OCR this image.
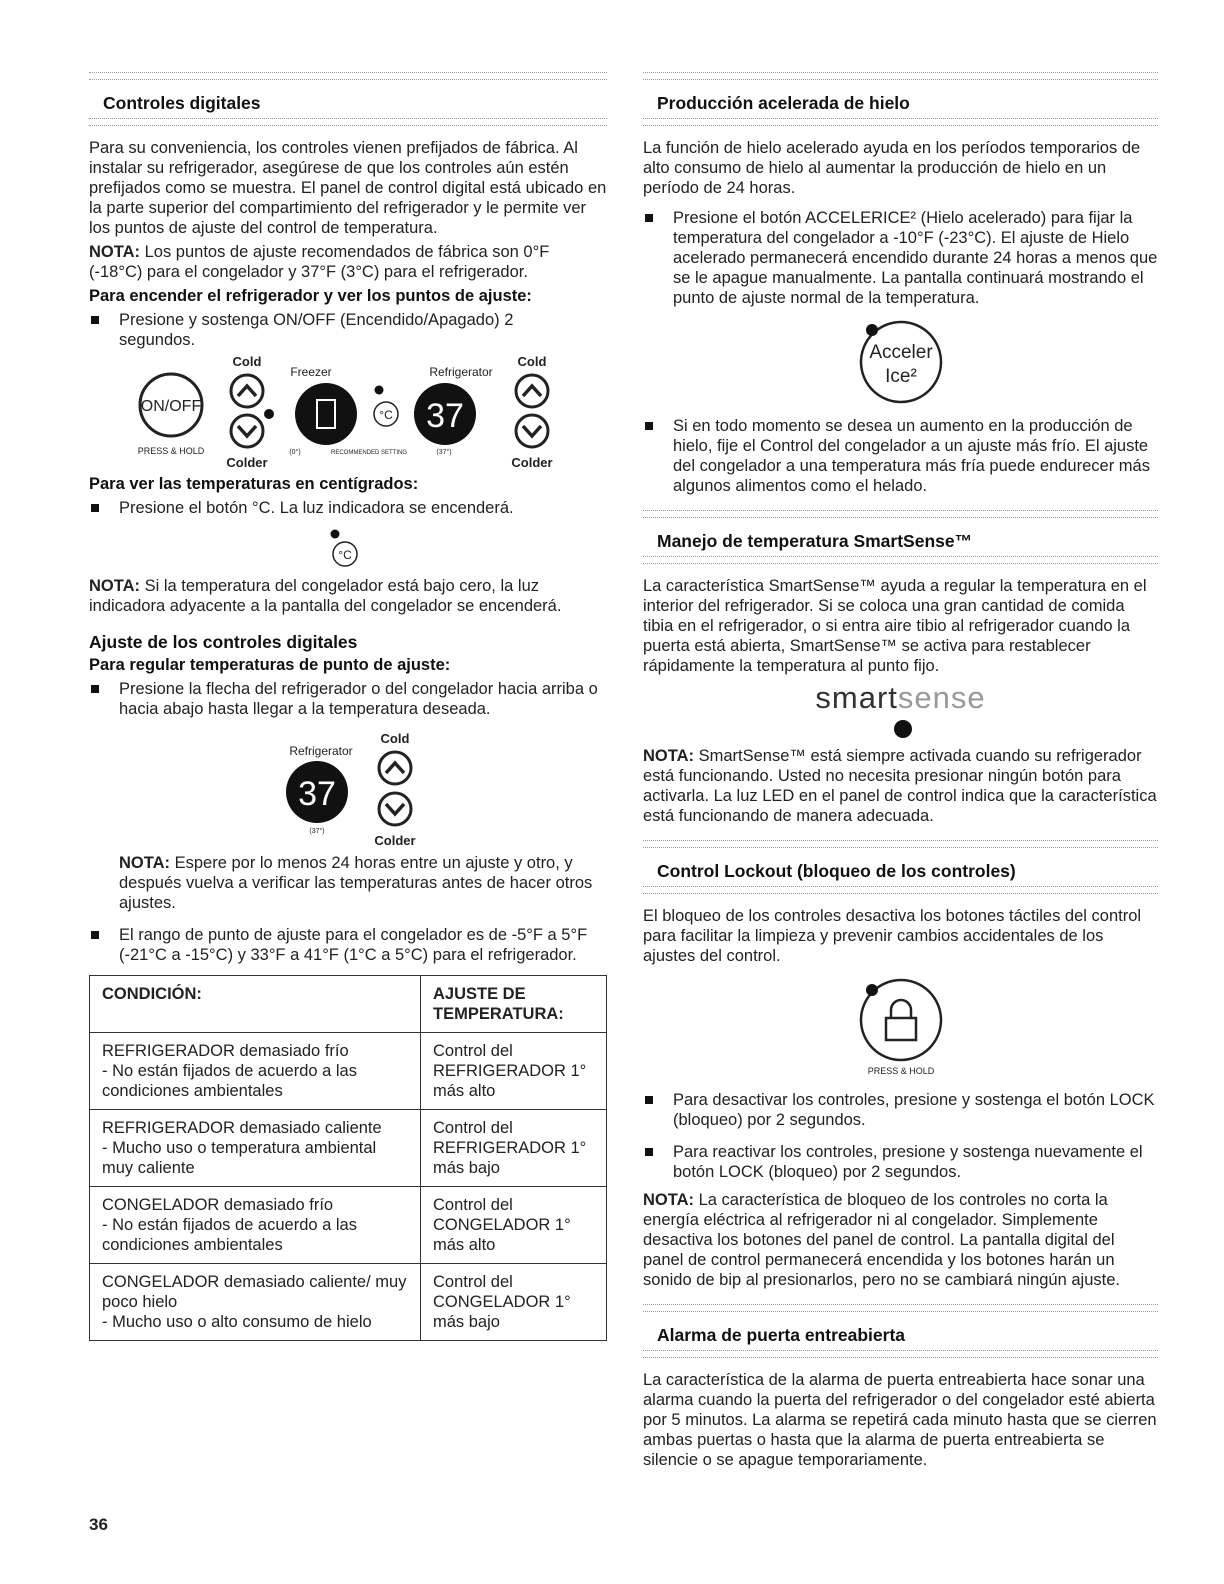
Controles digitales

Para su conveniencia, los controles vienen prefijados de fábrica. Al instalar su refrigerador, asegúrese de que los controles aún estén prefijados como se muestra. El panel de control digital está ubicado en la parte superior del compartimiento del refrigerador y le permite ver los puntos de ajuste del control de temperatura.

NOTA: Los puntos de ajuste recomendados de fábrica son 0°F (-18°C) para el congelador y 37°F (3°C) para el refrigerador.

Para encender el refrigerador y ver los puntos de ajuste:
Presione y sostenga ON/OFF (Encendido/Apagado) 2 segundos.
ON/OFF
PRESS & HOLD
Cold
Colder
Freezer
°C
Refrigerator
37
(0°)	RECOMMENDED SETTING	(37°)
Cold
Colder
Para ver las temperaturas en centígrados:
Presione el botón °C. La luz indicadora se encenderá.
°C

NOTA: Si la temperatura del congelador está bajo cero, la luz indicadora adyacente a la pantalla del congelador se encenderá.

Ajuste de los controles digitales
Para regular temperaturas de punto de ajuste:
Presione la flecha del refrigerador o del congelador hacia arriba o hacia abajo hasta llegar a la temperatura deseada.
Refrigerator
Cold
37
(37°)
Colder

NOTA: Espere por lo menos 24 horas entre un ajuste y otro, y después vuelva a verificar las temperaturas antes de hacer otros ajustes.

El rango de punto de ajuste para el congelador es de -5°F a 5°F (-21°C a -15°C) y 33°F a 41°F (1°C a 5°C) para el refrigerador.
CONDICIÓN:	AJUSTE DE TEMPERATURA:

REFRIGERADOR demasiado frío
- No están fijados de acuerdo a las condiciones ambientales	Control del
REFRIGERADOR 1°
más alto

REFRIGERADOR demasiado caliente
- Mucho uso o temperatura ambiental muy caliente	Control del
REFRIGERADOR 1°
más bajo

CONGELADOR demasiado frío
- No están fijados de acuerdo a las condiciones ambientales	Control del
CONGELADOR 1°
más alto

CONGELADOR demasiado caliente/ muy poco hielo
- Mucho uso o alto consumo de hielo	Control del
CONGELADOR 1°
más bajo
Producción acelerada de hielo

La función de hielo acelerado ayuda en los períodos temporarios de alto consumo de hielo al aumentar la producción de hielo en un período de 24 horas.

Presione el botón ACCELERICE² (Hielo acelerado) para fijar la temperatura del congelador a -10°F (-23°C). El ajuste de Hielo acelerado permanecerá encendido durante 24 horas a menos que se le apague manualmente. La pantalla continuará mostrando el punto de ajuste normal de la temperatura.
Acceler
Ice²
Si en todo momento se desea un aumento en la producción de hielo, fije el Control del congelador a un ajuste más frío. El ajuste del congelador a una temperatura más fría puede endurecer más algunos alimentos como el helado.
Manejo de temperatura SmartSense™

La característica SmartSense™ ayuda a regular la temperatura en el interior del refrigerador. Si se coloca una gran cantidad de comida tibia en el refrigerador, o si entra aire tibio al refrigerador cuando la puerta está abierta, SmartSense™ se activa para restablecer rápidamente la temperatura al punto fijo.

smartsense

NOTA: SmartSense™ está siempre activada cuando su refrigerador está funcionando. Usted no necesita presionar ningún botón para activarla. La luz LED en el panel de control indica que la característica está funcionando de manera adecuada.

Control Lockout (bloqueo de los controles)

El bloqueo de los controles desactiva los botones táctiles del control para facilitar la limpieza y prevenir cambios accidentales de los ajustes del control.

PRESS & HOLD
Para desactivar los controles, presione y sostenga el botón LOCK (bloqueo) por 2 segundos.
Para reactivar los controles, presione y sostenga nuevamente el botón LOCK (bloqueo) por 2 segundos.

NOTA: La característica de bloqueo de los controles no corta la energía eléctrica al refrigerador ni al congelador. Simplemente desactiva los botones del panel de control. La pantalla digital del panel de control permanecerá encendida y los botones harán un sonido de bip al presionarlos, pero no se cambiará ningún ajuste.

Alarma de puerta entreabierta

La característica de la alarma de puerta entreabierta hace sonar una alarma cuando la puerta del refrigerador o del congelador esté abierta por 5 minutos. La alarma se repetirá cada minuto hasta que se cierren ambas puertas o hasta que la alarma de puerta entreabierta se silencie o se apague temporariamente.

36
